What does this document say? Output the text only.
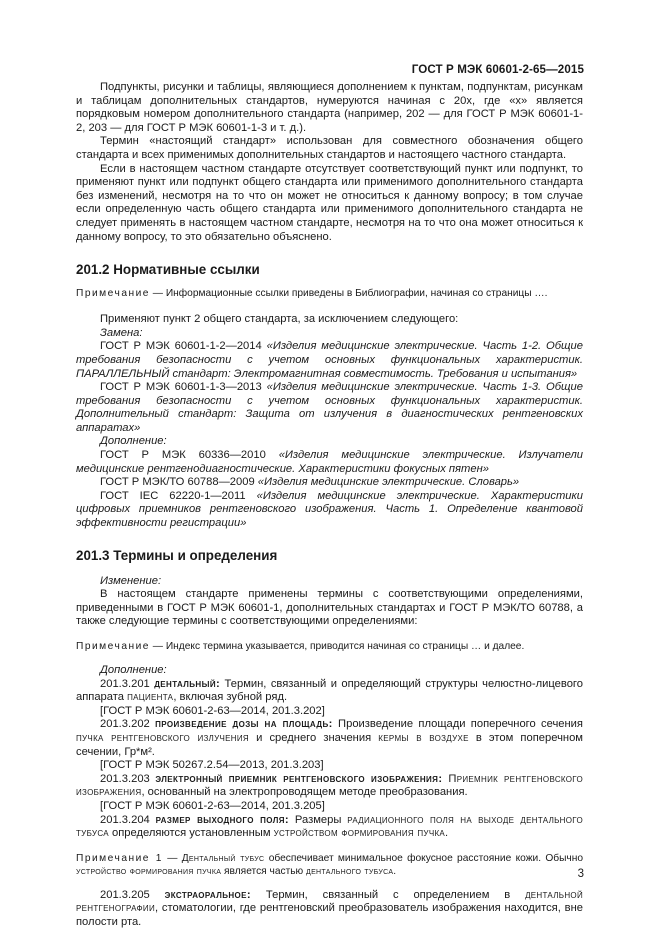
ГОСТ Р МЭК 60601-2-65—2015

Подпункты, рисунки и таблицы, являющиеся дополнением к пунктам, подпунктам, рисункам и таблицам дополнительных стандартов, нумеруются начиная с 20x, где «x» является порядковым номером дополнительного стандарта (например, 202 — для ГОСТ Р МЭК 60601-1-2, 203 — для ГОСТ Р МЭК 60601-1-3 и т. д.).

Термин «настоящий стандарт» использован для совместного обозначения общего стандарта и всех применимых дополнительных стандартов и настоящего частного стандарта.

Если в настоящем частном стандарте отсутствует соответствующий пункт или подпункт, то применяют пункт или подпункт общего стандарта или применимого дополнительного стандарта без изменений, несмотря на то что он может не относиться к данному вопросу; в том случае если определенную часть общего стандарта или применимого дополнительного стандарта не следует применять в настоящем частном стандарте, несмотря на то что она может относиться к данному вопросу, то это обязательно объяснено.

201.2 Нормативные ссылки

Примечание — Информационные ссылки приведены в Библиографии, начиная со страницы ….

Применяют пункт 2 общего стандарта, за исключением следующего:

Замена:

ГОСТ Р МЭК 60601-1-2—2014 «Изделия медицинские электрические. Часть 1-2. Общие требования безопасности с учетом основных функциональных характеристик. ПАРАЛЛЕЛЬНЫЙ стандарт: Электромагнитная совместимость. Требования и испытания»

ГОСТ Р МЭК 60601-1-3—2013 «Изделия медицинские электрические. Часть 1-3. Общие требования безопасности с учетом основных функциональных характеристик. Дополнительный стандарт: Защита от излучения в диагностических рентгеновских аппаратах»

Дополнение:

ГОСТ Р МЭК 60336—2010 «Изделия медицинские электрические. Излучатели медицинские рентгенодиагностические. Характеристики фокусных пятен»

ГОСТ Р МЭК/ТО 60788—2009 «Изделия медицинские электрические. Словарь»

ГОСТ IEC 62220-1—2011 «Изделия медицинские электрические. Характеристики цифровых приемников рентгеновского изображения. Часть 1. Определение квантовой эффективности регистрации»

201.3 Термины и определения

Изменение:

В настоящем стандарте применены термины с соответствующими определениями, приведенными в ГОСТ Р МЭК 60601-1, дополнительных стандартах и ГОСТ Р МЭК/ТО 60788, а также следующие термины с соответствующими определениями:

Примечание — Индекс термина указывается, приводится начиная со страницы … и далее.

Дополнение:

201.3.201 дентальный: Термин, связанный и определяющий структуры челюстно-лицевого аппарата пациента, включая зубной ряд.

[ГОСТ Р МЭК 60601-2-63—2014, 201.3.202]

201.3.202 произведение дозы на площадь: Произведение площади поперечного сечения пучка рентгеновского излучения и среднего значения кермы в воздухе в этом поперечном сечении, Гр*м².

[ГОСТ Р МЭК 50267.2.54—2013, 201.3.203]

201.3.203 электронный приемник рентгеновского изображения: Приемник рентгеновского изображения, основанный на электропроводящем методе преобразования.

[ГОСТ Р МЭК 60601-2-63—2014, 201.3.205]

201.3.204 размер выходного поля: Размеры радиационного поля на выходе дентального тубуса определяются установленным устройством формирования пучка.

Примечание 1 — Дентальный тубус обеспечивает минимальное фокусное расстояние кожи. Обычно устройство формирования пучка является частью дентального тубуса.

201.3.205 экстраоральное: Термин, связанный с определением в дентальной рентгенографии, стоматологии, где рентгеновский преобразователь изображения находится, вне полости рта.

3
